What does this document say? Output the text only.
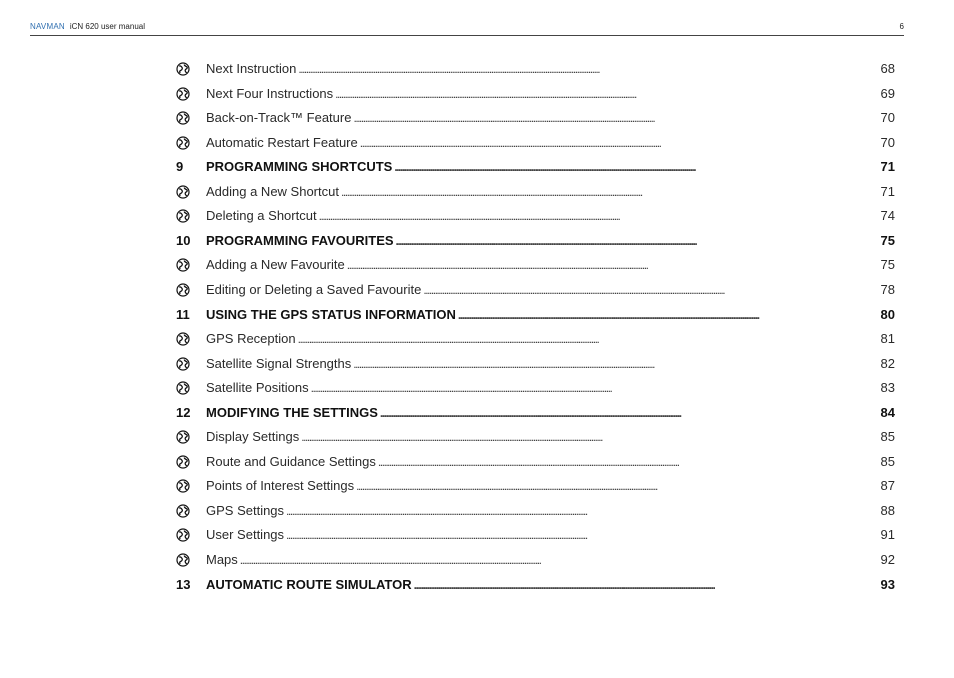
NAVMAN iCN 620 user manual	6
Next Instruction . . .	68
Next Four Instructions . . .	69
Back-on-Track™ Feature . . .	70
Automatic Restart Feature . . .	70
9	PROGRAMMING SHORTCUTS . . .	71
Adding a New Shortcut . . .	71
Deleting a Shortcut . . .	74
10	PROGRAMMING FAVOURITES . . .	75
Adding a New Favourite . . .	75
Editing or Deleting a Saved Favourite . . .	78
11	USING THE GPS STATUS INFORMATION . . .	80
GPS Reception . . .	81
Satellite Signal Strengths . . .	82
Satellite Positions . . .	83
12	MODIFYING THE SETTINGS . . .	84
Display Settings . . .	85
Route and Guidance Settings . . .	85
Points of Interest Settings . . .	87
GPS Settings . . .	88
User Settings . . .	91
Maps . . .	92
13	AUTOMATIC ROUTE SIMULATOR . . .	93
